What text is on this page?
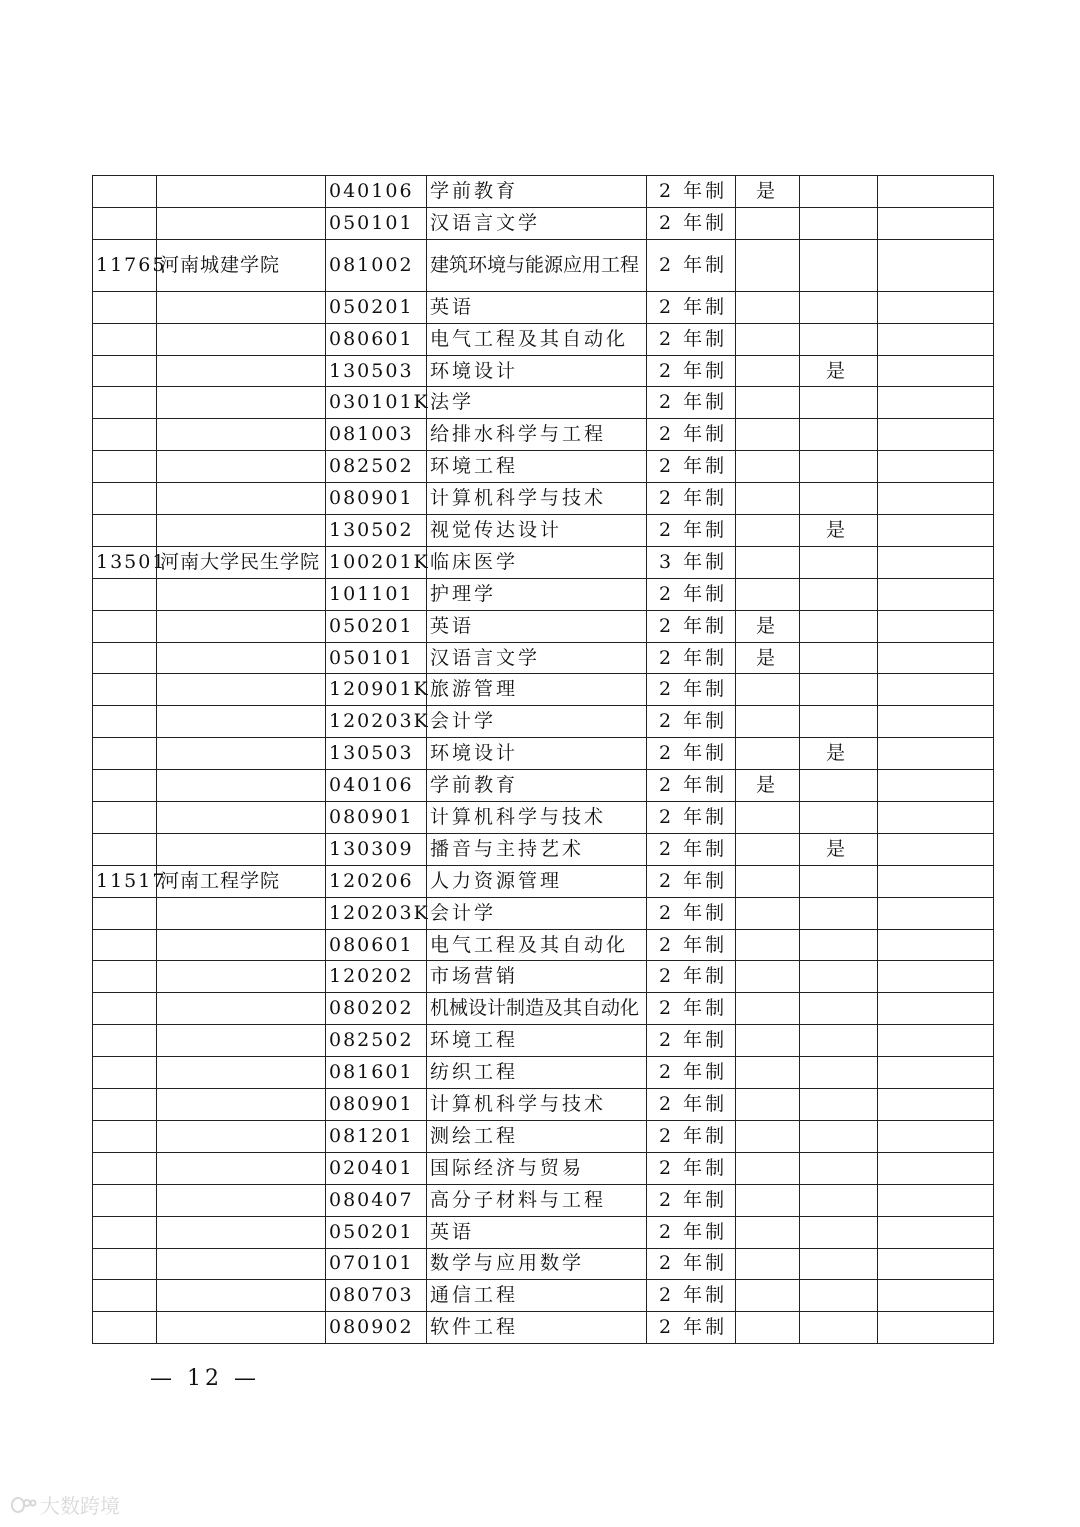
		040106	学前教育	2 年制	是		
		050101	汉语言文学	2 年制			
11765	河南城建学院	081002	建筑环境与能源应用工程	2 年制			
		050201	英语	2 年制			
		080601	电气工程及其自动化	2 年制			
		130503	环境设计	2 年制		是	
		030101K	法学	2 年制			
		081003	给排水科学与工程	2 年制			
		082502	环境工程	2 年制			
		080901	计算机科学与技术	2 年制			
		130502	视觉传达设计	2 年制		是	
13501	河南大学民生学院	100201K	临床医学	3 年制			
		101101	护理学	2 年制			
		050201	英语	2 年制	是		
		050101	汉语言文学	2 年制	是		
		120901K	旅游管理	2 年制			
		120203K	会计学	2 年制			
		130503	环境设计	2 年制		是	
		040106	学前教育	2 年制	是		
		080901	计算机科学与技术	2 年制			
		130309	播音与主持艺术	2 年制		是	
11517	河南工程学院	120206	人力资源管理	2 年制			
		120203K	会计学	2 年制			
		080601	电气工程及其自动化	2 年制			
		120202	市场营销	2 年制			
		080202	机械设计制造及其自动化	2 年制			
		082502	环境工程	2 年制			
		081601	纺织工程	2 年制			
		080901	计算机科学与技术	2 年制			
		081201	测绘工程	2 年制			
		020401	国际经济与贸易	2 年制			
		080407	高分子材料与工程	2 年制			
		050201	英语	2 年制			
		070101	数学与应用数学	2 年制			
		080703	通信工程	2 年制			
		080902	软件工程	2 年制			
— 12 —
大数跨境
